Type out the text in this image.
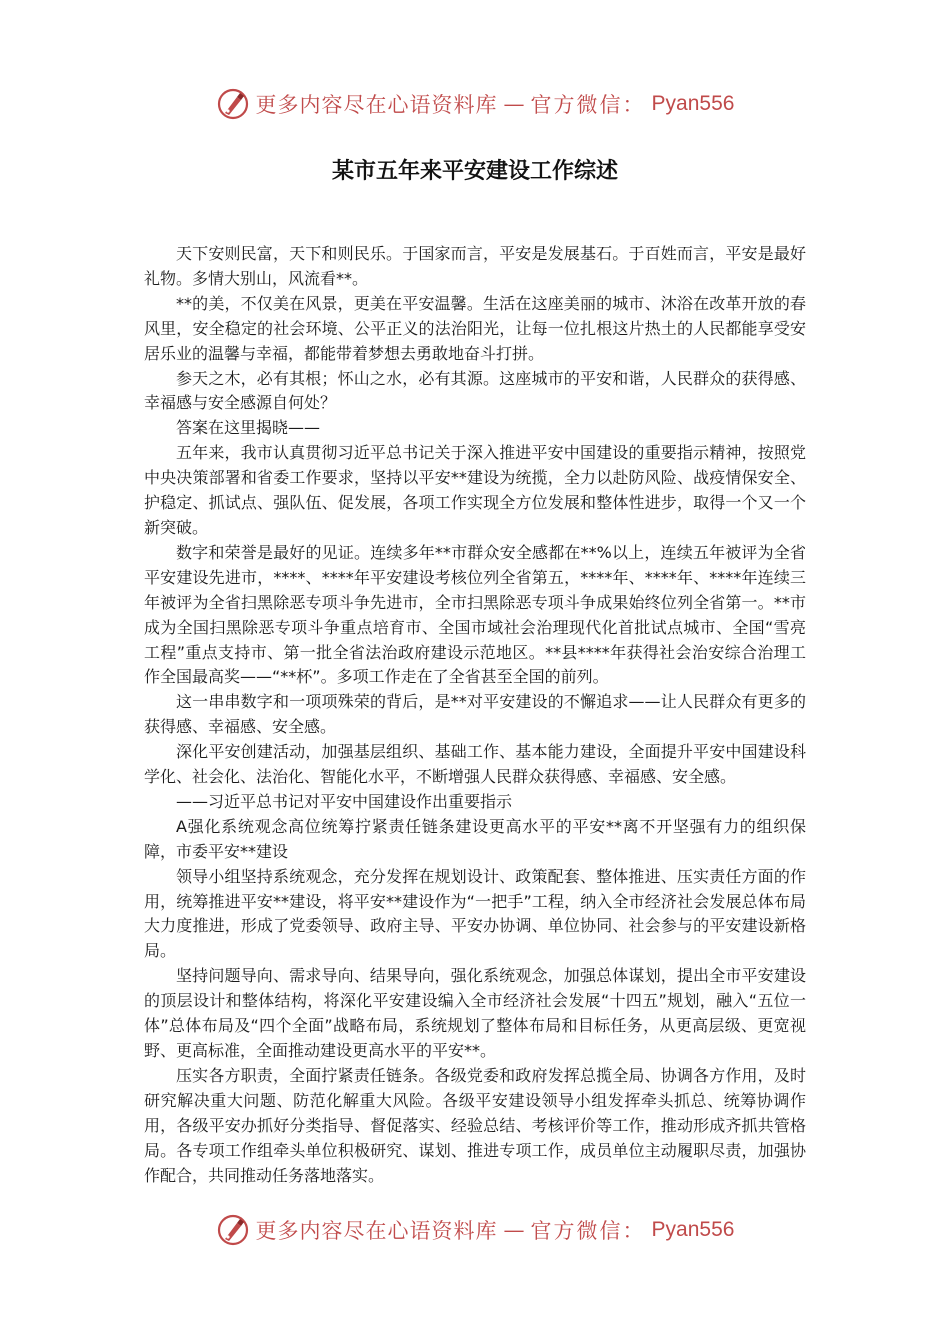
更多内容尽在心语资料库 — 官方微信： Pyan556
某市五年来平安建设工作综述

天下安则民富，天下和则民乐。于国家而言，平安是发展基石。于百姓而言，平安是最好礼物。多情大别山，风流看**。

**的美，不仅美在风景，更美在平安温馨。生活在这座美丽的城市、沐浴在改革开放的春风里，安全稳定的社会环境、公平正义的法治阳光，让每一位扎根这片热土的人民都能享受安居乐业的温馨与幸福，都能带着梦想去勇敢地奋斗打拼。

参天之木，必有其根；怀山之水，必有其源。这座城市的平安和谐，人民群众的获得感、幸福感与安全感源自何处？

答案在这里揭晓——

五年来，我市认真贯彻习近平总书记关于深入推进平安中国建设的重要指示精神，按照党中央决策部署和省委工作要求，坚持以平安**建设为统揽，全力以赴防风险、战疫情保安全、护稳定、抓试点、强队伍、促发展，各项工作实现全方位发展和整体性进步，取得一个又一个新突破。

数字和荣誉是最好的见证。连续多年**市群众安全感都在**%以上，连续五年被评为全省平安建设先进市，****、****年平安建设考核位列全省第五，****年、****年、****年连续三年被评为全省扫黑除恶专项斗争先进市，全市扫黑除恶专项斗争成果始终位列全省第一。**市成为全国扫黑除恶专项斗争重点培育市、全国市域社会治理现代化首批试点城市、全国“雪亮工程”重点支持市、第一批全省法治政府建设示范地区。**县****年获得社会治安综合治理工作全国最高奖——“**杯”。多项工作走在了全省甚至全国的前列。

这一串串数字和一项项殊荣的背后，是**对平安建设的不懈追求——让人民群众有更多的获得感、幸福感、安全感。

深化平安创建活动，加强基层组织、基础工作、基本能力建设，全面提升平安中国建设科学化、社会化、法治化、智能化水平，不断增强人民群众获得感、幸福感、安全感。

——习近平总书记对平安中国建设作出重要指示

A强化系统观念高位统筹拧紧责任链条建设更高水平的平安**离不开坚强有力的组织保障，市委平安**建设

领导小组坚持系统观念，充分发挥在规划设计、政策配套、整体推进、压实责任方面的作用，统筹推进平安**建设，将平安**建设作为“一把手”工程，纳入全市经济社会发展总体布局大力度推进，形成了党委领导、政府主导、平安办协调、单位协同、社会参与的平安建设新格局。

坚持问题导向、需求导向、结果导向，强化系统观念，加强总体谋划，提出全市平安建设的顶层设计和整体结构，将深化平安建设编入全市经济社会发展“十四五”规划，融入“五位一体”总体布局及“四个全面”战略布局，系统规划了整体布局和目标任务，从更高层级、更宽视野、更高标准，全面推动建设更高水平的平安**。

压实各方职责，全面拧紧责任链条。各级党委和政府发挥总揽全局、协调各方作用，及时研究解决重大问题、防范化解重大风险。各级平安建设领导小组发挥牵头抓总、统筹协调作用，各级平安办抓好分类指导、督促落实、经验总结、考核评价等工作，推动形成齐抓共管格局。各专项工作组牵头单位积极研究、谋划、推进专项工作，成员单位主动履职尽责，加强协作配合，共同推动任务落地落实。

更多内容尽在心语资料库 — 官方微信： Pyan556
